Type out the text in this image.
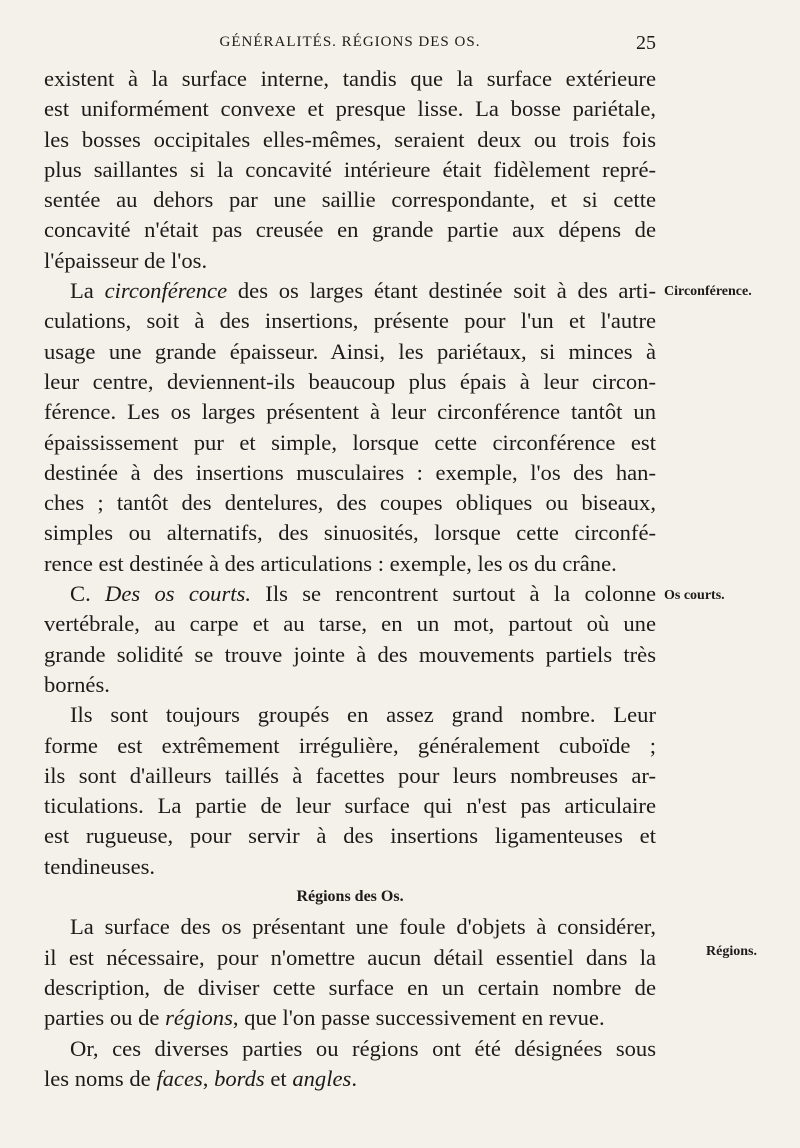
GÉNÉRALITÉS. RÉGIONS DES OS.	25
existent à la surface interne, tandis que la surface extérieure
est uniformément convexe et presque lisse. La bosse pariétale,
les bosses occipitales elles-mêmes, seraient deux ou trois fois
plus saillantes si la concavité intérieure était fidèlement repré-
sentée au dehors par une saillie correspondante, et si cette
concavité n'était pas creusée en grande partie aux dépens de
l'épaisseur de l'os.
La circonférence des os larges étant destinée soit à des arti-
culations, soit à des insertions, présente pour l'un et l'autre
usage une grande épaisseur. Ainsi, les pariétaux, si minces à
leur centre, deviennent-ils beaucoup plus épais à leur circon-
férence. Les os larges présentent à leur circonférence tantôt un
épaississement pur et simple, lorsque cette circonférence est
destinée à des insertions musculaires : exemple, l'os des han-
ches ; tantôt des dentelures, des coupes obliques ou biseaux,
simples ou alternatifs, des sinuosités, lorsque cette circonfé-
rence est destinée à des articulations : exemple, les os du crâne.
C. Des os courts. Ils se rencontrent surtout à la colonne
vertébrale, au carpe et au tarse, en un mot, partout où une
grande solidité se trouve jointe à des mouvements partiels très
bornés.
Ils sont toujours groupés en assez grand nombre. Leur
forme est extrêmement irrégulière, généralement cuboïde ;
ils sont d'ailleurs taillés à facettes pour leurs nombreuses ar-
ticulations. La partie de leur surface qui n'est pas articulaire
est rugueuse, pour servir à des insertions ligamenteuses et
tendineuses.
Régions des Os.
La surface des os présentant une foule d'objets à considérer,
il est nécessaire, pour n'omettre aucun détail essentiel dans la
description, de diviser cette surface en un certain nombre de
parties ou de régions, que l'on passe successivement en revue.
Or, ces diverses parties ou régions ont été désignées sous
les noms de faces, bords et angles.
Circonférence.
Os courts.
Régions.
